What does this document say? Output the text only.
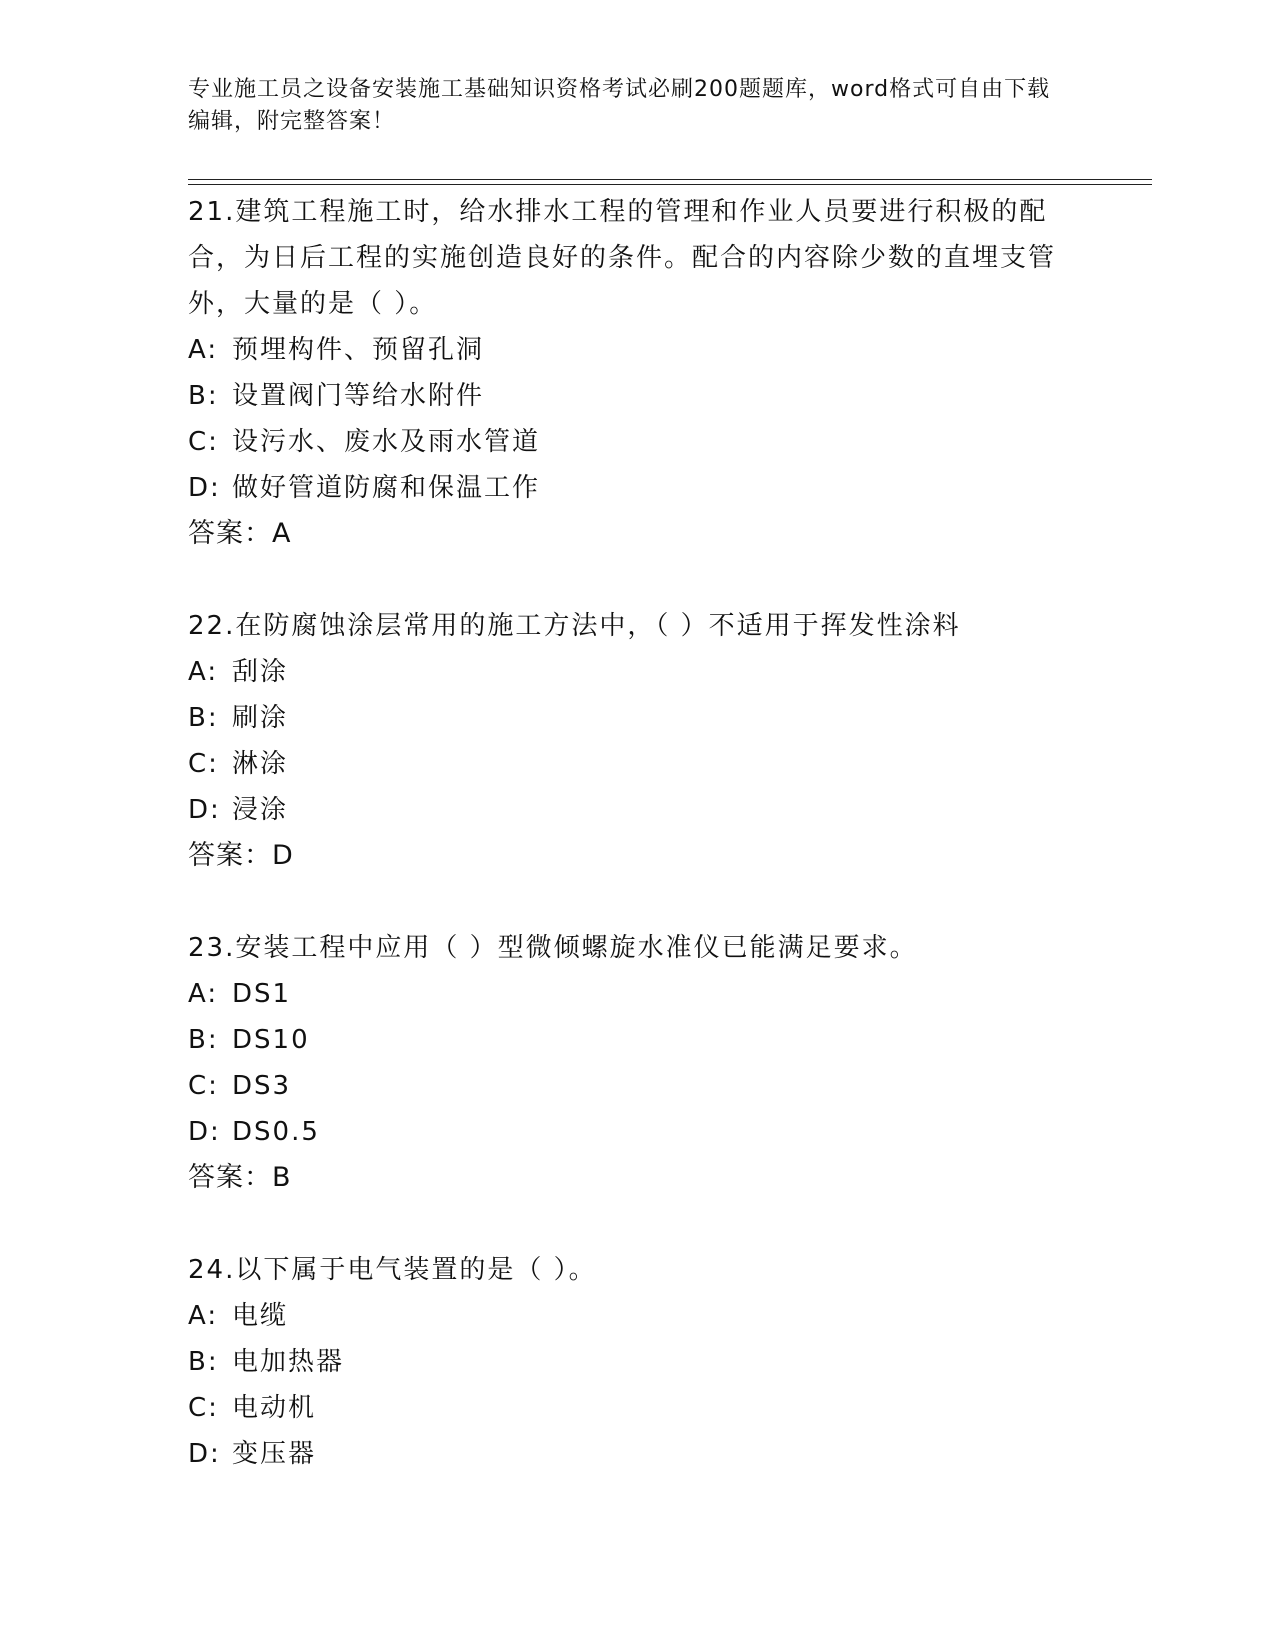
专业施工员之设备安装施工基础知识资格考试必刷200题题库，word格式可自由下载编辑，附完整答案！

21.建筑工程施工时，给水排水工程的管理和作业人员要进行积极的配合，为日后工程的实施创造良好的条件。配合的内容除少数的直埋支管外，大量的是（ ）。

A: 预埋构件、预留孔洞
B: 设置阀门等给水附件
C: 设污水、废水及雨水管道
D: 做好管道防腐和保温工作

答案：A

22.在防腐蚀涂层常用的施工方法中，（ ）不适用于挥发性涂料

A: 刮涂
B: 刷涂
C: 淋涂
D: 浸涂

答案：D

23.安装工程中应用（ ）型微倾螺旋水准仪已能满足要求。

A: DS1
B: DS10
C: DS3
D: DS0.5

答案：B

24.以下属于电气装置的是（ ）。

A: 电缆
B: 电加热器
C: 电动机
D: 变压器
